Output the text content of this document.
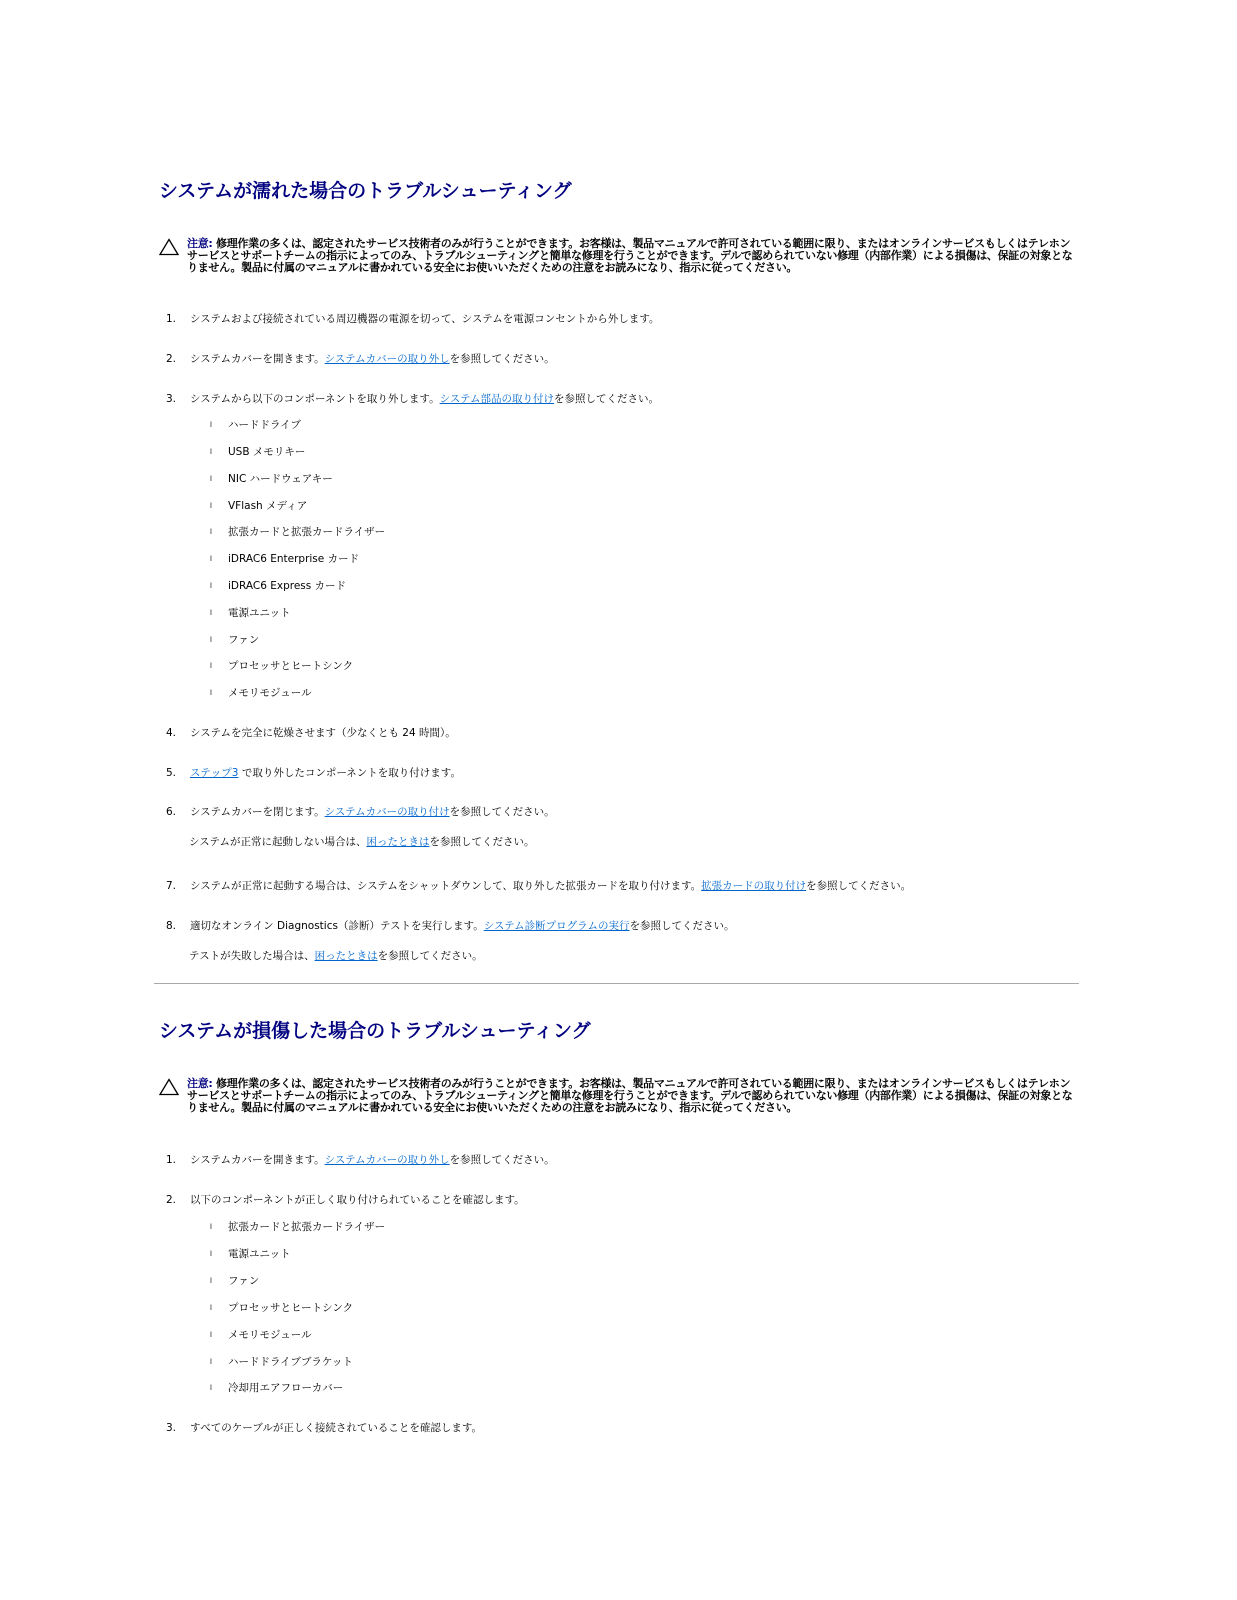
システムが濡れた場合のトラブルシューティング
注意: 修理作業の多くは、認定されたサービス技術者のみが行うことができます。お客様は、製品マニュアルで許可されている範囲に限り、またはオンラインサービスもしくはテレホンサービスとサポートチームの指示によってのみ、トラブルシューティングと簡単な修理を行うことができます。デルで認められていない修理（内部作業）による損傷は、保証の対象となりません。製品に付属のマニュアルに書かれている安全にお使いいただくための注意をお読みになり、指示に従ってください。
1. システムおよび接続されている周辺機器の電源を切って、システムを電源コンセントから外します。
2. システムカバーを開きます。システムカバーの取り外しを参照してください。
3. システムから以下のコンポーネントを取り外します。システム部品の取り付けを参照してください。
l ハードドライブ
l USB メモリキー
l NIC ハードウェアキー
l VFlash メディア
l 拡張カードと拡張カードライザー
l iDRAC6 Enterprise カード
l iDRAC6 Express カード
l 電源ユニット
l ファン
l プロセッサとヒートシンク
l メモリモジュール
4. システムを完全に乾燥させます（少なくとも 24 時間）。
5. ステップ3 で取り外したコンポーネントを取り付けます。
6. システムカバーを閉じます。システムカバーの取り付けを参照してください。
システムが正常に起動しない場合は、困ったときはを参照してください。
7. システムが正常に起動する場合は、システムをシャットダウンして、取り外した拡張カードを取り付けます。拡張カードの取り付けを参照してください。
8. 適切なオンライン Diagnostics（診断）テストを実行します。システム診断プログラムの実行を参照してください。
テストが失敗した場合は、困ったときはを参照してください。
システムが損傷した場合のトラブルシューティング
注意: 修理作業の多くは、認定されたサービス技術者のみが行うことができます。お客様は、製品マニュアルで許可されている範囲に限り、またはオンラインサービスもしくはテレホンサービスとサポートチームの指示によってのみ、トラブルシューティングと簡単な修理を行うことができます。デルで認められていない修理（内部作業）による損傷は、保証の対象となりません。製品に付属のマニュアルに書かれている安全にお使いいただくための注意をお読みになり、指示に従ってください。
1. システムカバーを開きます。システムカバーの取り外しを参照してください。
2. 以下のコンポーネントが正しく取り付けられていることを確認します。
l 拡張カードと拡張カードライザー
l 電源ユニット
l ファン
l プロセッサとヒートシンク
l メモリモジュール
l ハードドライブブラケット
l 冷却用エアフローカバー
3. すべてのケーブルが正しく接続されていることを確認します。
